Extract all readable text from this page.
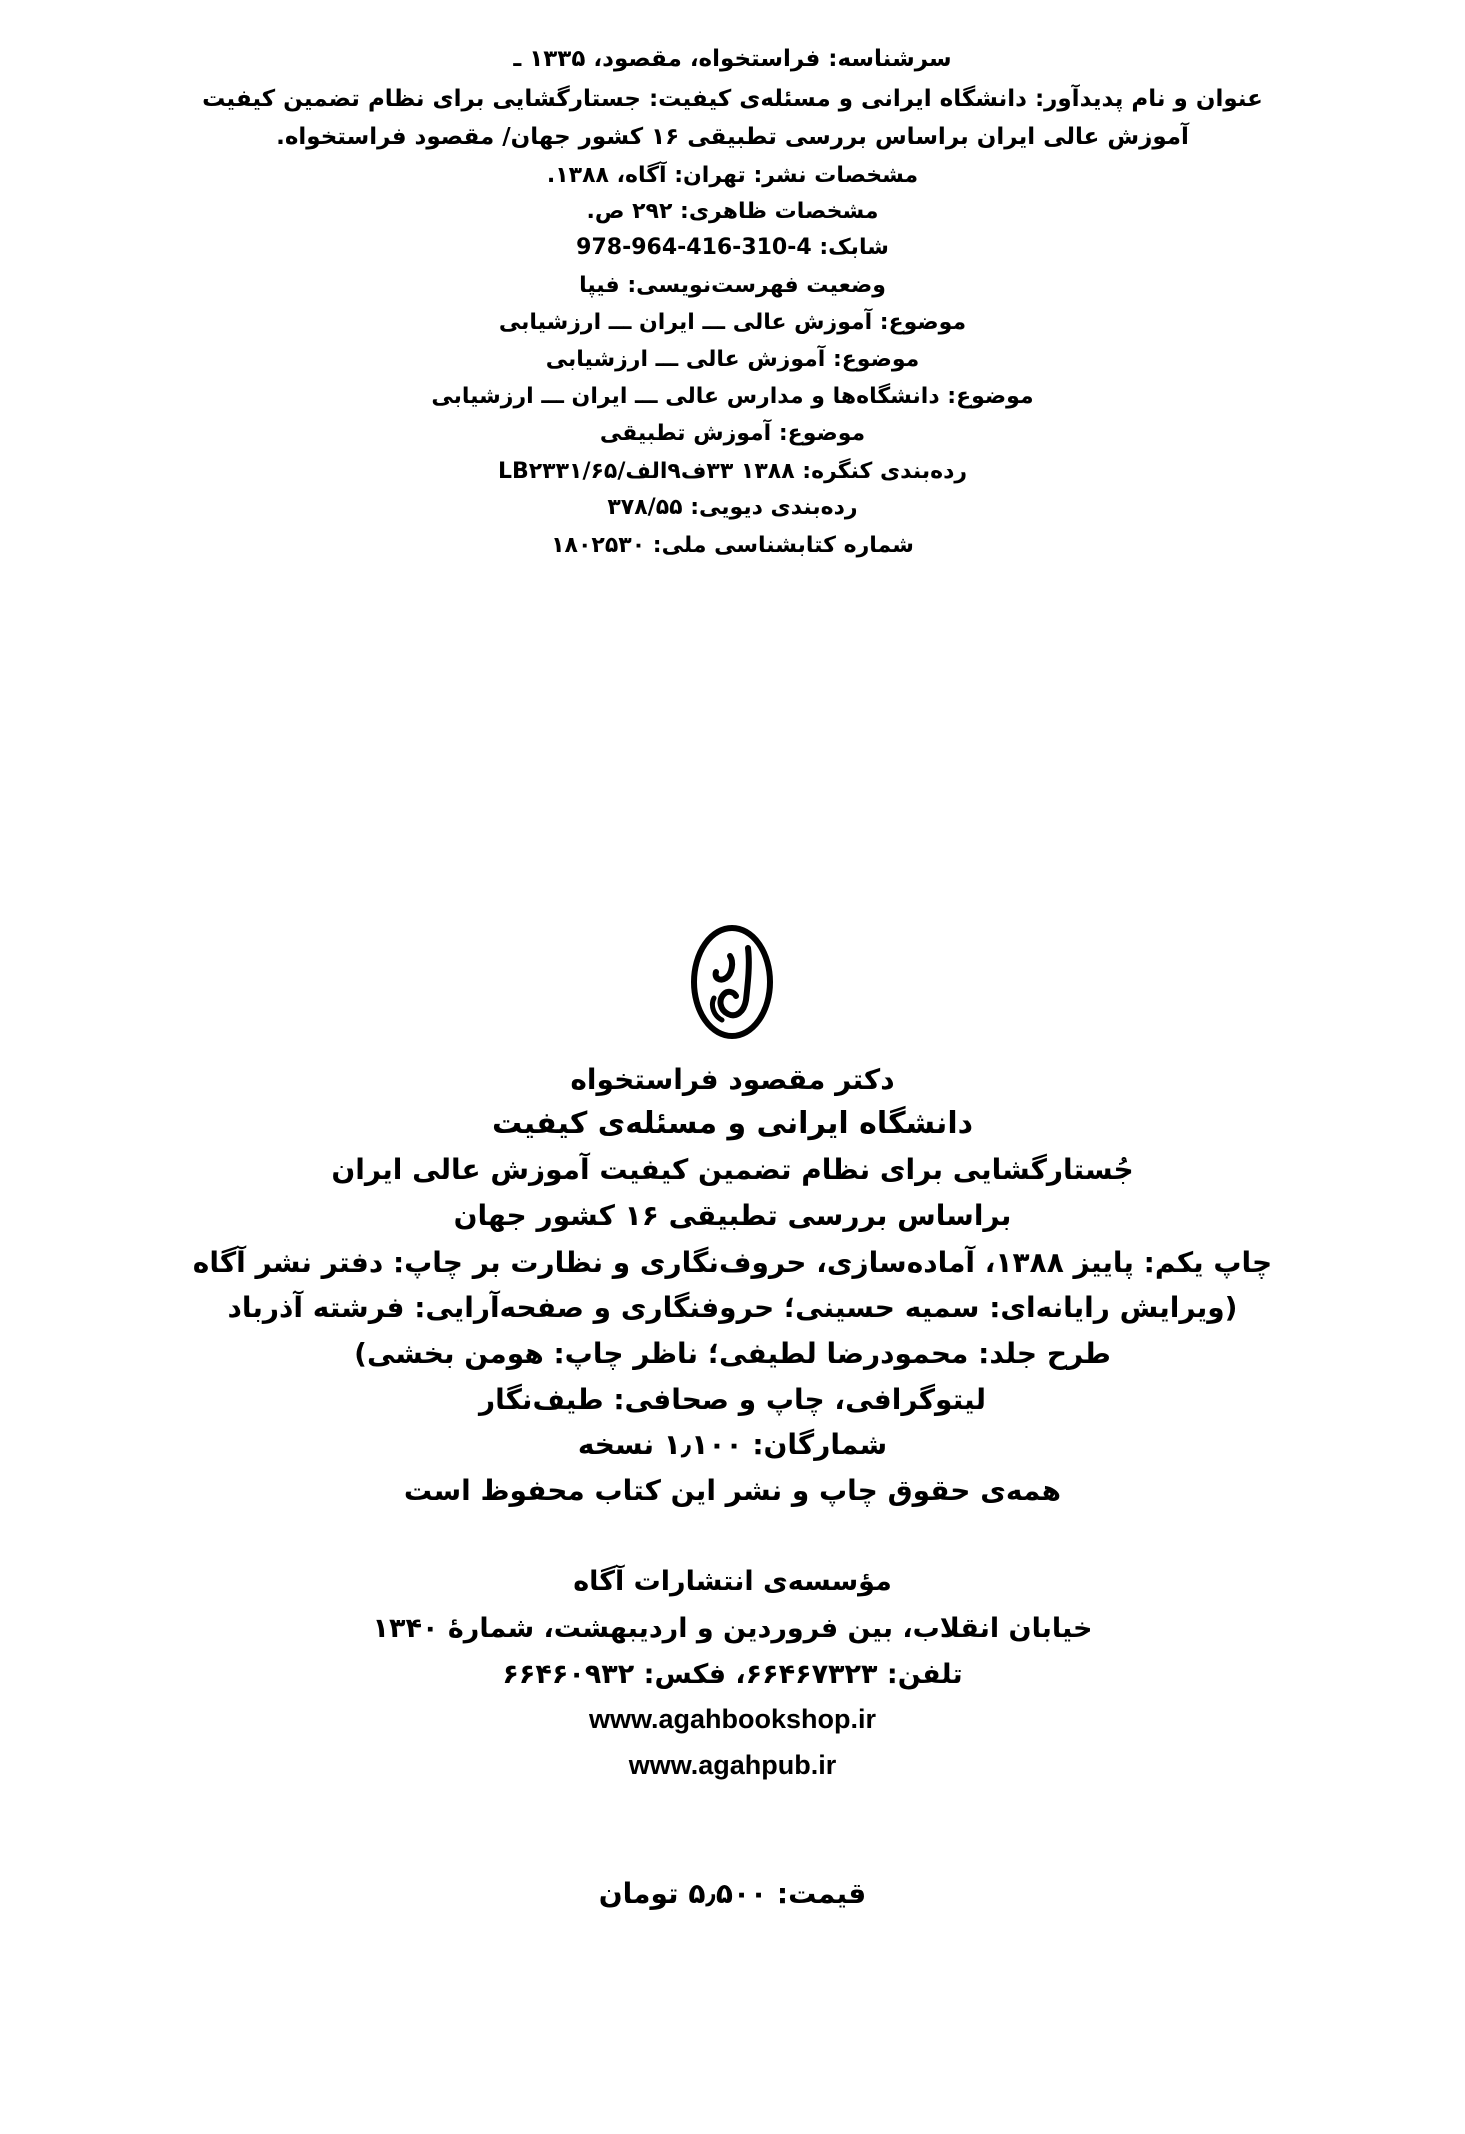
سرشناسه: فراستخواه، مقصود، ۱۳۳۵ ـ
عنوان و نام پدیدآور: دانشگاه ایرانی و مسئله‌ی کیفیت: جستارگشایی برای نظام تضمین کیفیت
آموزش عالی ایران براساس بررسی تطبیقی ۱۶ کشور جهان/ مقصود فراستخواه.
مشخصات نشر: تهران: آگاه، ۱۳۸۸.
مشخصات ظاهری: ۲۹۲ ص.
شابک: 978-964-416-310-4
وضعیت فهرست‌نویسی: فیپا
موضوع: آموزش عالی ـــ ایران ـــ ارزشیابی
موضوع: آموزش عالی ـــ ارزشیابی
موضوع: دانشگاه‌ها و مدارس عالی ـــ ایران ـــ ارزشیابی
موضوع: آموزش تطبیقی
رده‌بندی کنگره: ۱۳۸۸ ۳۳ف۹الف/۶۵/LB۲۳۳۱
رده‌بندی دیویی: ۳۷۸/۵۵
شماره کتابشناسی ملی: ۱۸۰۲۵۳۰
دکتر مقصود فراستخواه
دانشگاه ایرانی و مسئله‌ی کیفیت
جُستارگشایی برای نظام تضمین کیفیت آموزش عالی ایران
براساس بررسی تطبیقی ۱۶ کشور جهان
چاپ یکم: پاییز ۱۳۸۸، آماده‌سازی، حروف‌نگاری و نظارت بر چاپ: دفتر نشر آگاه
(ویرایش رایانه‌ای: سمیه حسینی؛ حروفنگاری و صفحه‌آرایی: فرشته آذرباد
طرح جلد: محمودرضا لطیفی؛ ناظر چاپ: هومن بخشی)
لیتوگرافی، چاپ و صحافی: طیف‌نگار
شمارگان: ۱٫۱۰۰ نسخه
همه‌ی حقوق چاپ و نشر این کتاب محفوظ است
مؤسسه‌ی انتشارات آگاه
خیابان انقلاب، بین فروردین و اردیبهشت، شمارهٔ ۱۳۴۰
تلفن: ۶۶۴۶۷۳۲۳، فکس: ۶۶۴۶۰۹۳۲
www.agahbookshop.ir
www.agahpub.ir
قیمت: ۵٫۵۰۰ تومان
